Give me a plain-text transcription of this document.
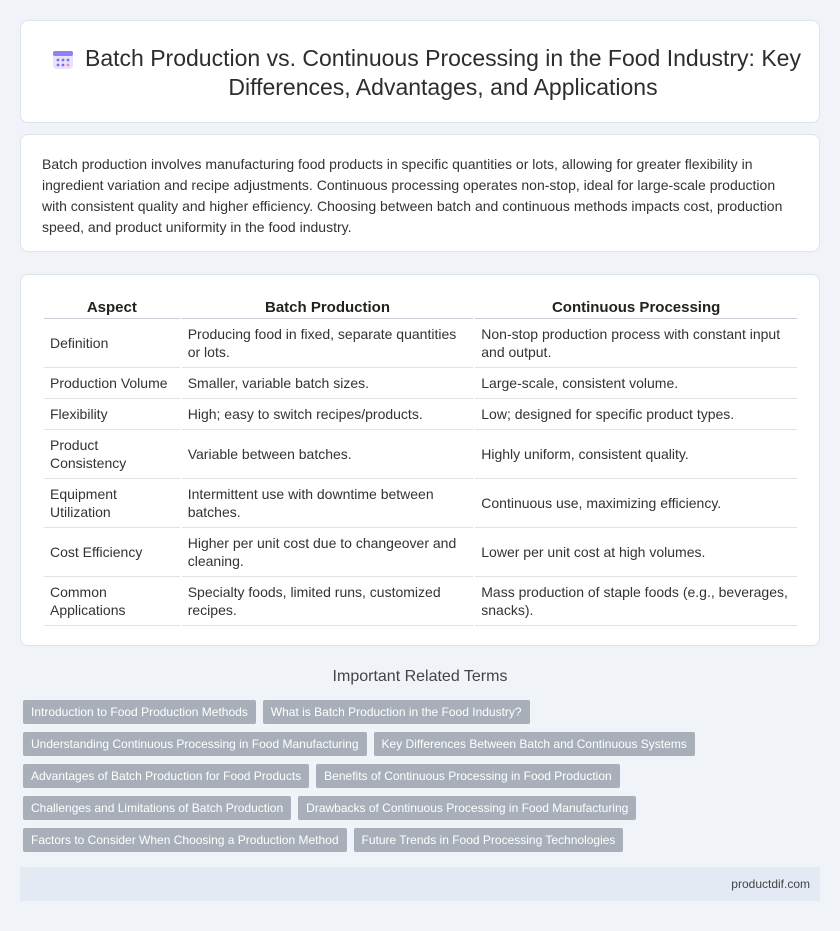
Batch Production vs. Continuous Processing in the Food Industry: Key Differences, Advantages, and Applications

Batch production involves manufacturing food products in specific quantities or lots, allowing for greater flexibility in ingredient variation and recipe adjustments. Continuous processing operates non-stop, ideal for large-scale production with consistent quality and higher efficiency. Choosing between batch and continuous methods impacts cost, production speed, and product uniformity in the food industry.

Aspect	Batch Production	Continuous Processing
Definition	Producing food in fixed, separate quantities or lots.	Non-stop production process with constant input and output.
Production Volume	Smaller, variable batch sizes.	Large-scale, consistent volume.
Flexibility	High; easy to switch recipes/products.	Low; designed for specific product types.
Product Consistency	Variable between batches.	Highly uniform, consistent quality.
Equipment Utilization	Intermittent use with downtime between batches.	Continuous use, maximizing efficiency.
Cost Efficiency	Higher per unit cost due to changeover and cleaning.	Lower per unit cost at high volumes.
Common Applications	Specialty foods, limited runs, customized recipes.	Mass production of staple foods (e.g., beverages, snacks).
Important Related Terms
Introduction to Food Production Methods	What is Batch Production in the Food Industry?
Understanding Continuous Processing in Food Manufacturing	Key Differences Between Batch and Continuous Systems
Advantages of Batch Production for Food Products	Benefits of Continuous Processing in Food Production
Challenges and Limitations of Batch Production	Drawbacks of Continuous Processing in Food Manufacturing
Factors to Consider When Choosing a Production Method	Future Trends in Food Processing Technologies
productdif.com
